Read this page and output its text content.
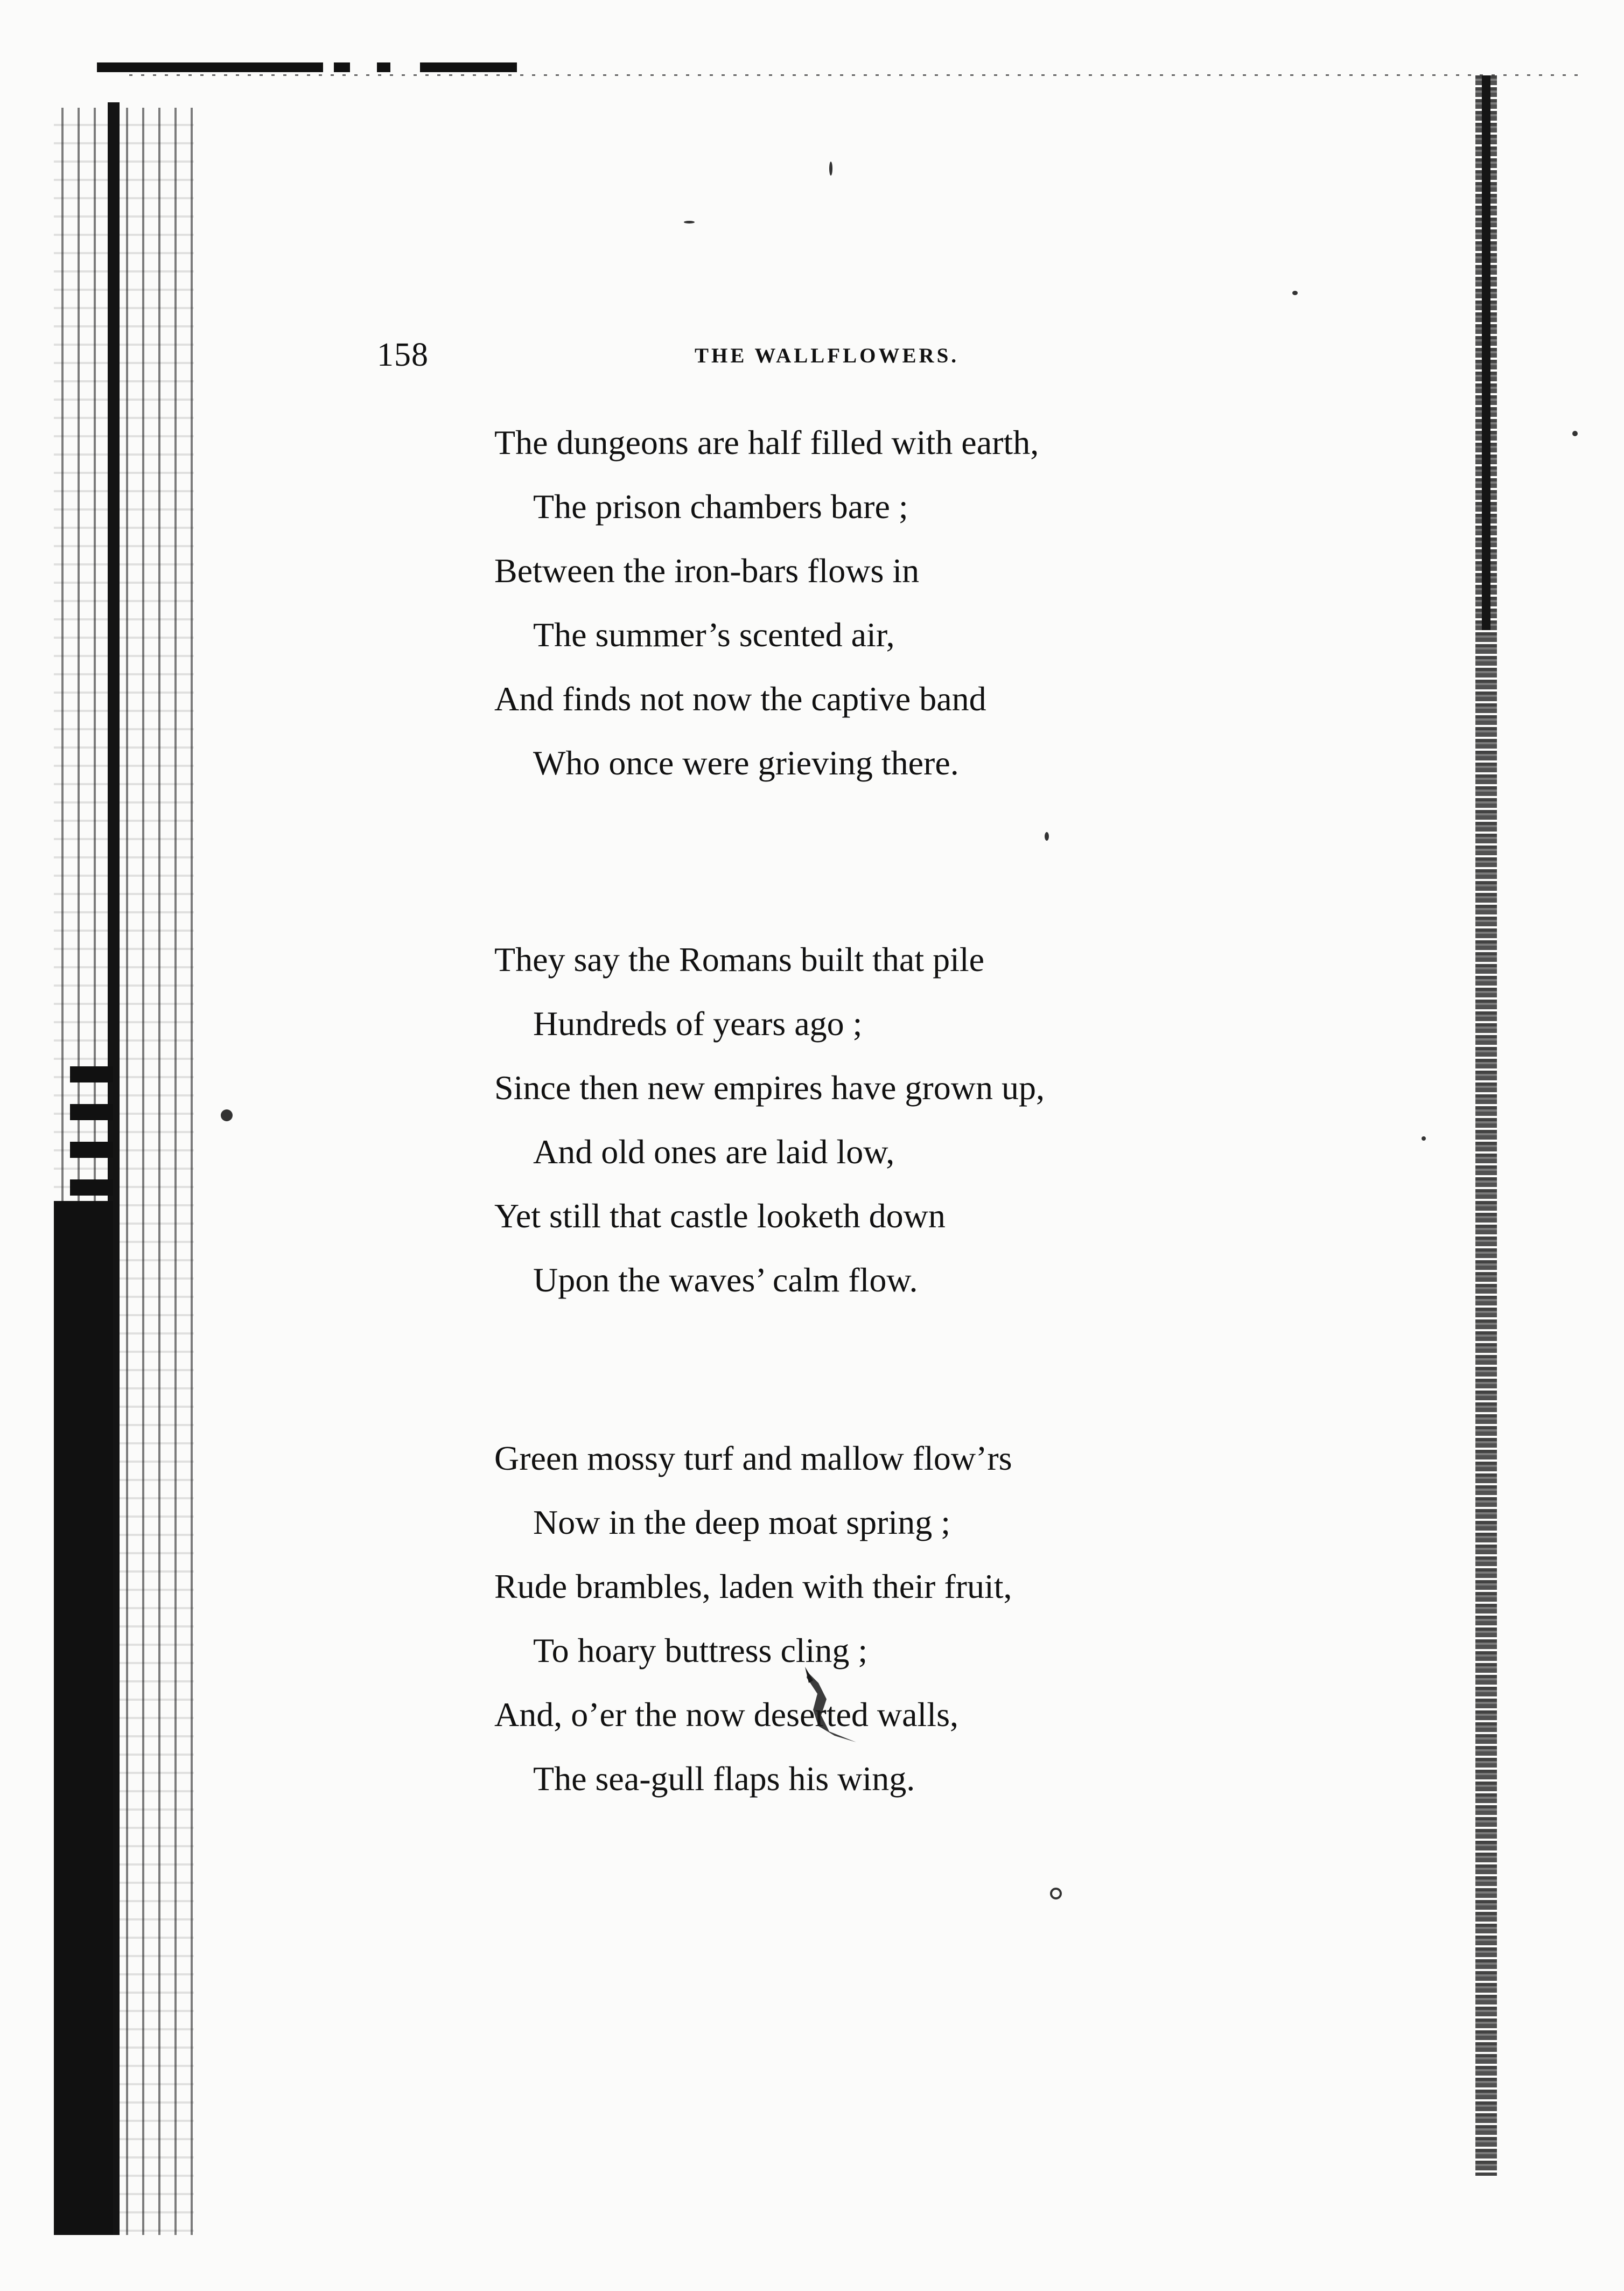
158	THE WALLFLOWERS.
The dungeons are half filled with earth,
The prison chambers bare ;
Between the iron-bars flows in
The summer’s scented air,
And finds not now the captive band
Who once were grieving there.
They say the Romans built that pile
Hundreds of years ago ;
Since then new empires have grown up,
And old ones are laid low,
Yet still that castle looketh down
Upon the waves’ calm flow.
Green mossy turf and mallow flow’rs
Now in the deep moat spring ;
Rude brambles, laden with their fruit,
To hoary buttress cling ;
And, o’er the now deserted walls,
The sea-gull flaps his wing.
